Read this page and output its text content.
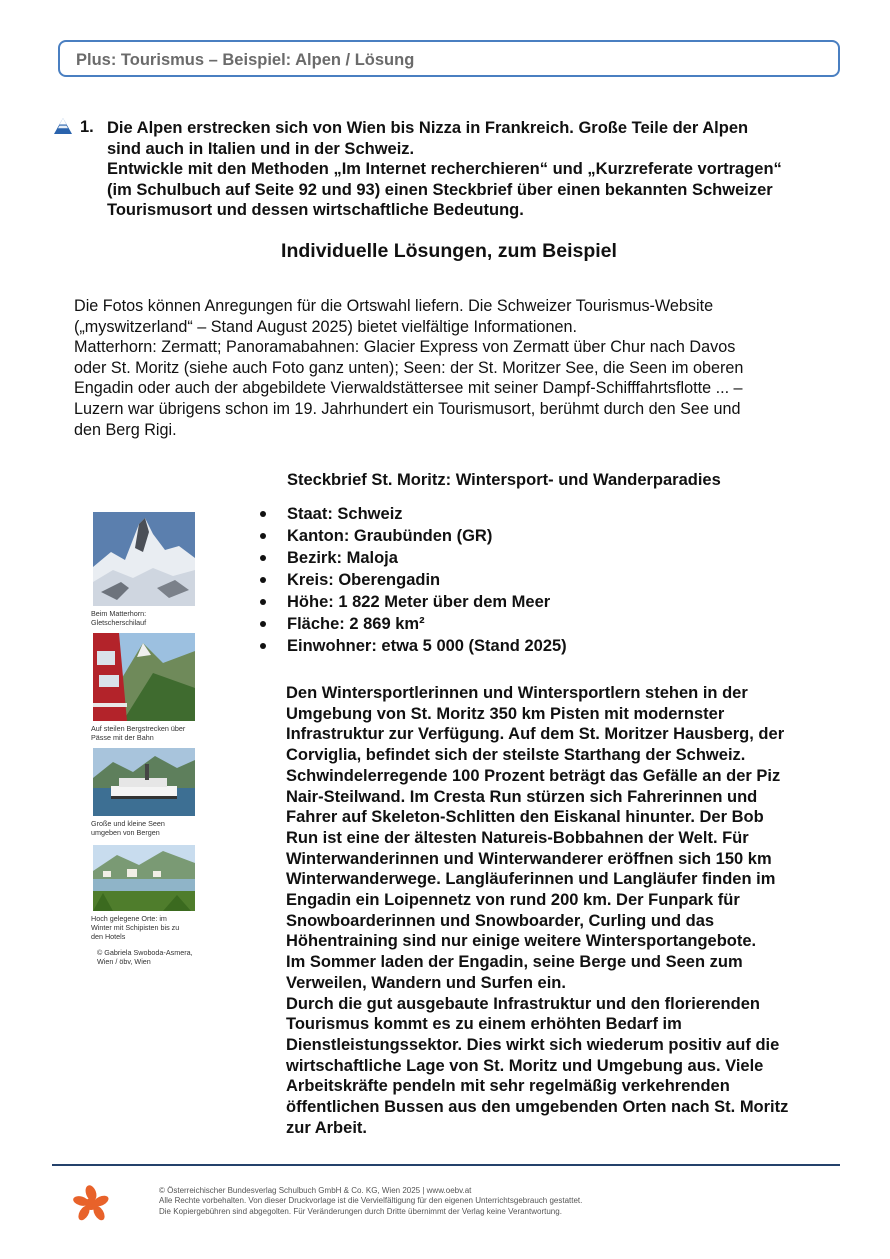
Plus: Tourismus – Beispiel: Alpen / Lösung
1. Die Alpen erstrecken sich von Wien bis Nizza in Frankreich. Große Teile der Alpen
sind auch in Italien und in der Schweiz.
Entwickle mit den Methoden „Im Internet recherchieren“ und „Kurzreferate vortragen“
(im Schulbuch auf Seite 92 und 93) einen Steckbrief über einen bekannten Schweizer
Tourismusort und dessen wirtschaftliche Bedeutung.

Individuelle Lösungen, zum Beispiel

Die Fotos können Anregungen für die Ortswahl liefern. Die Schweizer Tourismus-Website
(„myswitzerland“ – Stand August 2025) bietet vielfältige Informationen.
Matterhorn: Zermatt; Panoramabahnen: Glacier Express von Zermatt über Chur nach Davos
oder St. Moritz (siehe auch Foto ganz unten); Seen: der St. Moritzer See, die Seen im oberen
Engadin oder auch der abgebildete Vierwaldstättersee mit seiner Dampf-Schifffahrtsflotte ... –
Luzern war übrigens schon im 19. Jahrhundert ein Tourismusort, berühmt durch den See und
den Berg Rigi.

Beim Matterhorn:
Gletscherschilauf
Auf steilen Bergstrecken über
Pässe mit der Bahn
Große und kleine Seen
umgeben von Bergen
Hoch gelegene Orte: im
Winter mit Schipisten bis zu
den Hotels
© Gabriela Swoboda-Asmera,
Wien / öbv, Wien
Steckbrief St. Moritz: Wintersport- und Wanderparadies
Staat: Schweiz
Kanton: Graubünden (GR)
Bezirk: Maloja
Kreis: Oberengadin
Höhe: 1 822 Meter über dem Meer
Fläche: 2 869 km²
Einwohner: etwa 5 000 (Stand 2025)

Den Wintersportlerinnen und Wintersportlern stehen in der
Umgebung von St. Moritz 350 km Pisten mit modernster
Infrastruktur zur Verfügung. Auf dem St. Moritzer Hausberg, der
Corviglia, befindet sich der steilste Starthang der Schweiz.
Schwindelerregende 100 Prozent beträgt das Gefälle an der Piz
Nair-Steilwand. Im Cresta Run stürzen sich Fahrerinnen und
Fahrer auf Skeleton-Schlitten den Eiskanal hinunter. Der Bob
Run ist eine der ältesten Natureis-Bobbahnen der Welt. Für
Winterwanderinnen und Winterwanderer eröffnen sich 150 km
Winterwanderwege. Langläuferinnen und Langläufer finden im
Engadin ein Loipennetz von rund 200 km. Der Funpark für
Snowboarderinnen und Snowboarder, Curling und das
Höhentraining sind nur einige weitere Wintersportangebote.
Im Sommer laden der Engadin, seine Berge und Seen zum
Verweilen, Wandern und Surfen ein.
Durch die gut ausgebaute Infrastruktur und den florierenden
Tourismus kommt es zu einem erhöhten Bedarf im
Dienstleistungssektor. Dies wirkt sich wiederum positiv auf die
wirtschaftliche Lage von St. Moritz und Umgebung aus. Viele
Arbeitskräfte pendeln mit sehr regelmäßig verkehrenden
öffentlichen Bussen aus den umgebenden Orten nach St. Moritz
zur Arbeit.

© Österreichischer Bundesverlag Schulbuch GmbH & Co. KG, Wien 2025 | www.oebv.at
Alle Rechte vorbehalten. Von dieser Druckvorlage ist die Vervielfältigung für den eigenen Unterrichtsgebrauch gestattet.
Die Kopiergebühren sind abgegolten. Für Veränderungen durch Dritte übernimmt der Verlag keine Verantwortung.
